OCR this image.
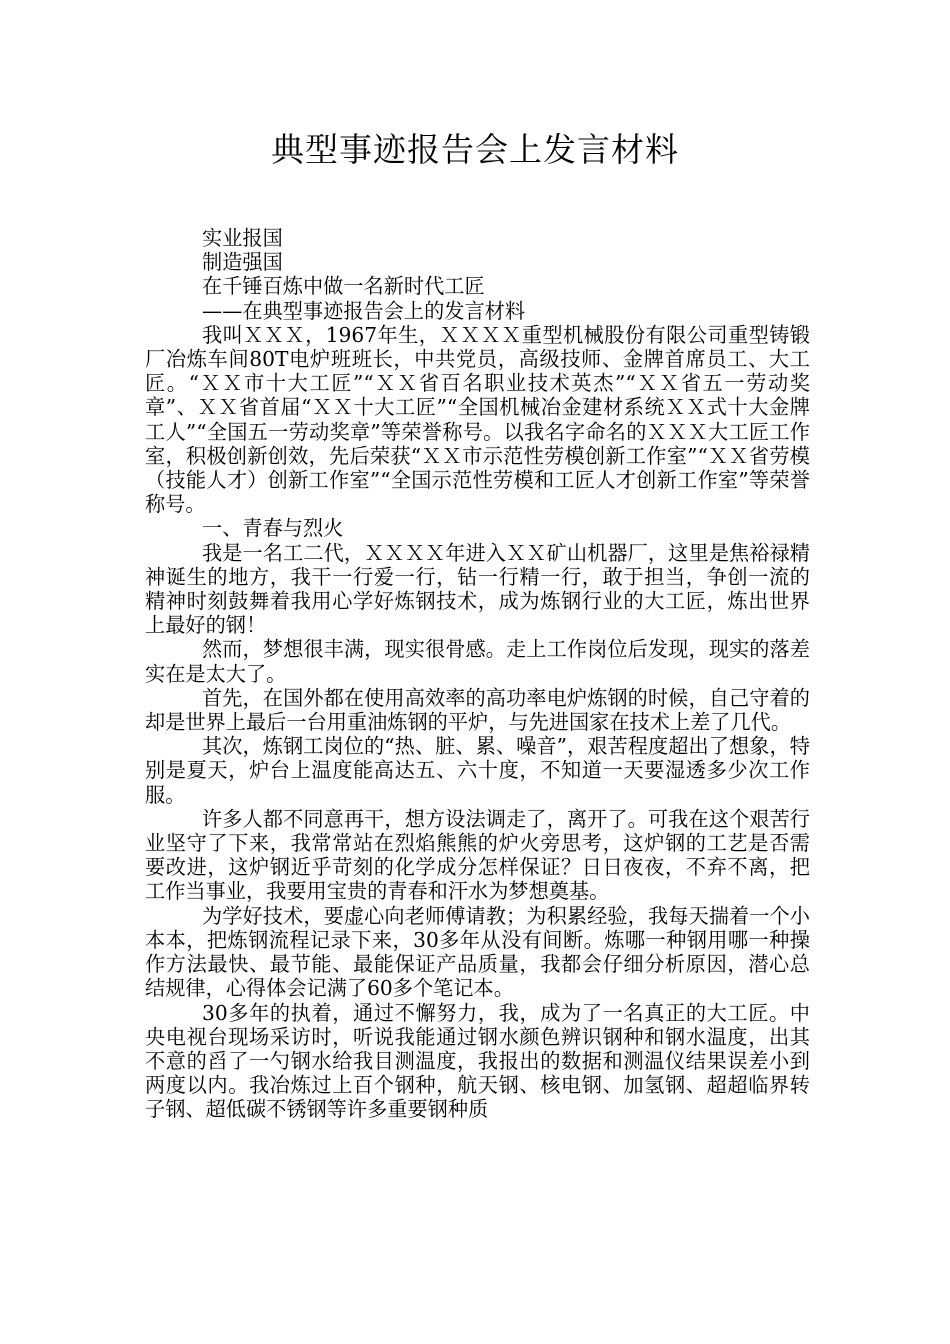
典型事迹报告会上发言材料

实业报国

制造强国

在千锤百炼中做一名新时代工匠

——在典型事迹报告会上的发言材料

我叫ＸＸＸ，1967年生，ＸＸＸＸ重型机械股份有限公司重型铸锻厂冶炼车间80T电炉班班长，中共党员，高级技师、金牌首席员工、大工匠。“ＸＸ市十大工匠”“ＸＸ省百名职业技术英杰”“ＸＸ省五一劳动奖章”、ＸＸ省首届“ＸＸ十大工匠”“全国机械冶金建材系统ＸＸ式十大金牌工人”“全国五一劳动奖章”等荣誉称号。以我名字命名的ＸＸＸ大工匠工作室，积极创新创效，先后荣获“ＸＸ市示范性劳模创新工作室”“ＸＸ省劳模（技能人才）创新工作室”“全国示范性劳模和工匠人才创新工作室”等荣誉称号。

一、青春与烈火

我是一名工二代，ＸＸＸＸ年进入ＸＸ矿山机器厂，这里是焦裕禄精神诞生的地方，我干一行爱一行，钻一行精一行，敢于担当，争创一流的精神时刻鼓舞着我用心学好炼钢技术，成为炼钢行业的大工匠，炼出世界上最好的钢！

然而，梦想很丰满，现实很骨感。走上工作岗位后发现，现实的落差实在是太大了。

首先，在国外都在使用高效率的高功率电炉炼钢的时候，自己守着的却是世界上最后一台用重油炼钢的平炉，与先进国家在技术上差了几代。

其次，炼钢工岗位的“热、脏、累、噪音”，艰苦程度超出了想象，特别是夏天，炉台上温度能高达五、六十度，不知道一天要湿透多少次工作服。

许多人都不同意再干，想方设法调走了，离开了。可我在这个艰苦行业坚守了下来，我常常站在烈焰熊熊的炉火旁思考，这炉钢的工艺是否需要改进，这炉钢近乎苛刻的化学成分怎样保证？日日夜夜，不弃不离，把工作当事业，我要用宝贵的青春和汗水为梦想奠基。

为学好技术，要虚心向老师傅请教；为积累经验，我每天揣着一个小本本，把炼钢流程记录下来，30多年从没有间断。炼哪一种钢用哪一种操作方法最快、最节能、最能保证产品质量，我都会仔细分析原因，潜心总结规律，心得体会记满了60多个笔记本。

30多年的执着，通过不懈努力，我，成为了一名真正的大工匠。中央电视台现场采访时，听说我能通过钢水颜色辨识钢种和钢水温度，出其不意的舀了一勺钢水给我目测温度，我报出的数据和测温仪结果误差小到两度以内。我冶炼过上百个钢种，航天钢、核电钢、加氢钢、超超临界转子钢、超低碳不锈钢等许多重要钢种质
